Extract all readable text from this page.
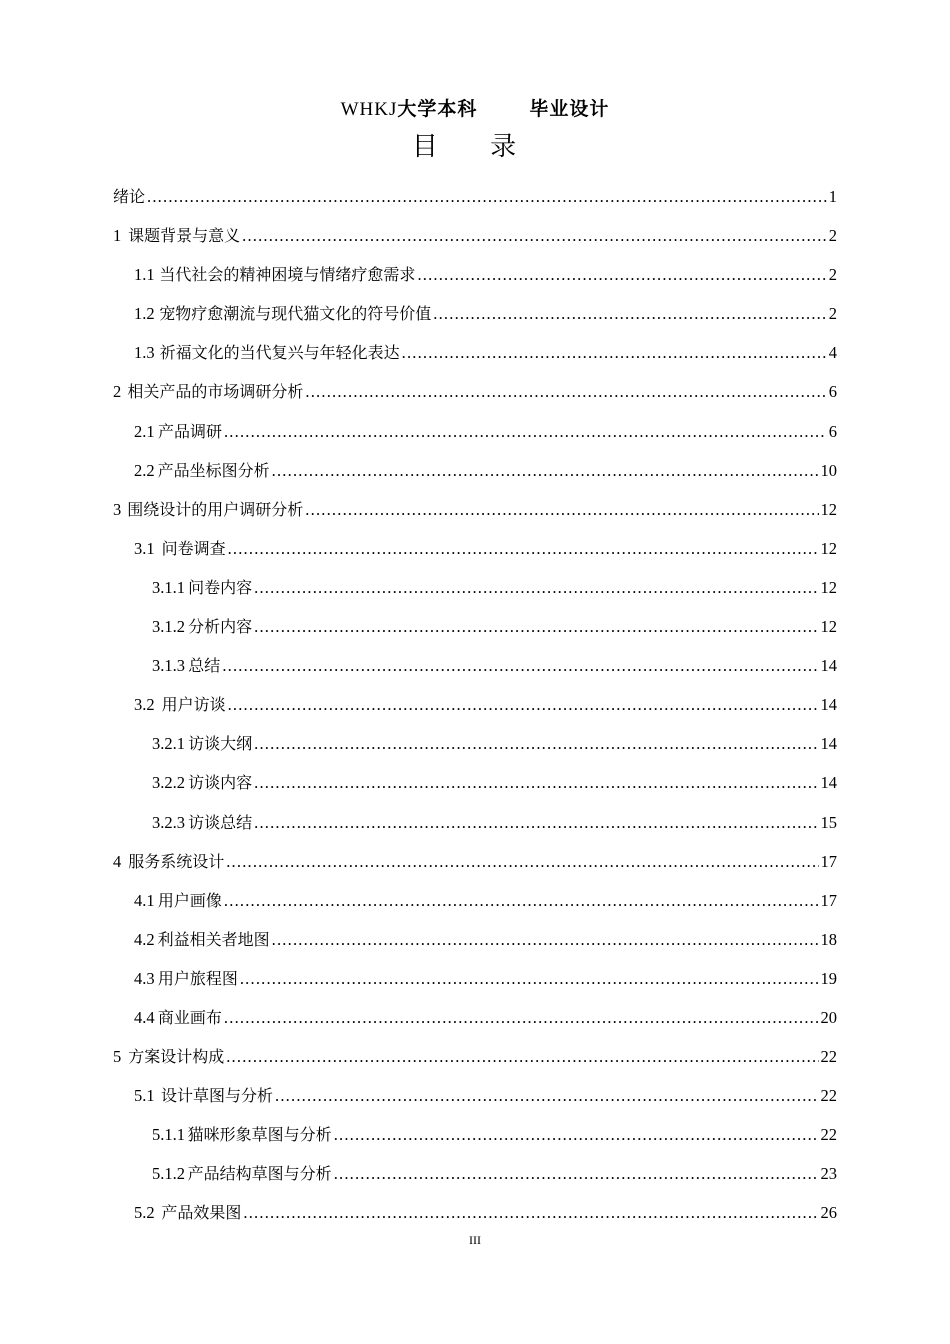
WHKJ大学本科	毕业设计
目 录
绪论 .....	1
1 课题背景与意义 .....	2
1.1 当代社会的精神困境与情绪疗愈需求 .....	2
1.2 宠物疗愈潮流与现代猫文化的符号价值 .....	2
1.3 祈福文化的当代复兴与年轻化表达 .....	4
2 相关产品的市场调研分析 .....	6
2.1 产品调研 .....	6
2.2 产品坐标图分析 .....	10
3 围绕设计的用户调研分析 .....	12
3.1 问卷调查 .....	12
3.1.1 问卷内容 .....	12
3.1.2 分析内容 .....	12
3.1.3 总结 .....	14
3.2 用户访谈 .....	14
3.2.1 访谈大纲 .....	14
3.2.2 访谈内容 .....	14
3.2.3 访谈总结 .....	15
4 服务系统设计 .....	17
4.1 用户画像 .....	17
4.2 利益相关者地图 .....	18
4.3 用户旅程图 .....	19
4.4 商业画布 .....	20
5 方案设计构成 .....	22
5.1 设计草图与分析 .....	22
5.1.1 猫咪形象草图与分析 .....	22
5.1.2 产品结构草图与分析 .....	23
5.2 产品效果图 .....	26
III
